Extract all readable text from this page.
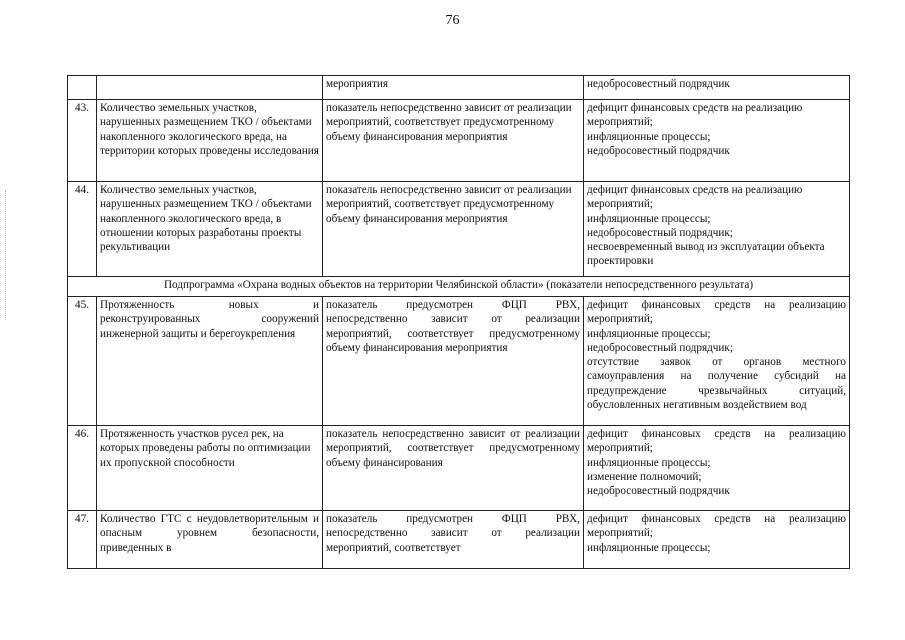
76
		мероприятия	недобросовестный подрядчик

43.	Количество земельных участков, нарушенных размещением ТКО / объектами накопленного экологического вреда, на территории которых проведены исследования	показатель непосредственно зависит от реализации мероприятий, соответствует предусмотренному объему финансирования мероприятия	дефицит финансовых средств на реализацию мероприятий;
инфляционные процессы;
недобросовестный подрядчик

44.	Количество земельных участков, нарушенных размещением ТКО / объектами накопленного экологического вреда, в отношении которых разработаны проекты рекультивации	показатель непосредственно зависит от реализации мероприятий, соответствует предусмотренному объему финансирования мероприятия	дефицит финансовых средств на реализацию мероприятий;
инфляционные процессы;
недобросовестный подрядчик;
несвоевременный вывод из эксплуатации объекта проектировки

Подпрограмма «Охрана водных объектов на территории Челябинской области» (показатели непосредственного результата)			
45.	Протяженность новых и реконструированных сооружений инженерной защиты и берегоукрепления	показатель предусмотрен ФЦП РВХ, непосредственно зависит от реализации мероприятий, соответствует предусмотренному объему финансирования мероприятия	дефицит финансовых средств на реализацию мероприятий;
инфляционные процессы;
недобросовестный подрядчик;
отсутствие заявок от органов местного самоуправления на получение субсидий на предупреждение чрезвычайных ситуаций, обусловленных негативным воздействием вод

46.	Протяженность участков русел рек, на которых проведены работы по оптимизации их пропускной способности	показатель непосредственно зависит от реализации мероприятий, соответствует предусмотренному объему финансирования	дефицит финансовых средств на реализацию мероприятий;
инфляционные процессы;
изменение полномочий;
недобросовестный подрядчик

47.	Количество ГТС с неудовлетворительным и опасным уровнем безопасности, приведенных в	показатель предусмотрен ФЦП РВХ, непосредственно зависит от реализации мероприятий, соответствует	дефицит финансовых средств на реализацию мероприятий;
инфляционные процессы;
